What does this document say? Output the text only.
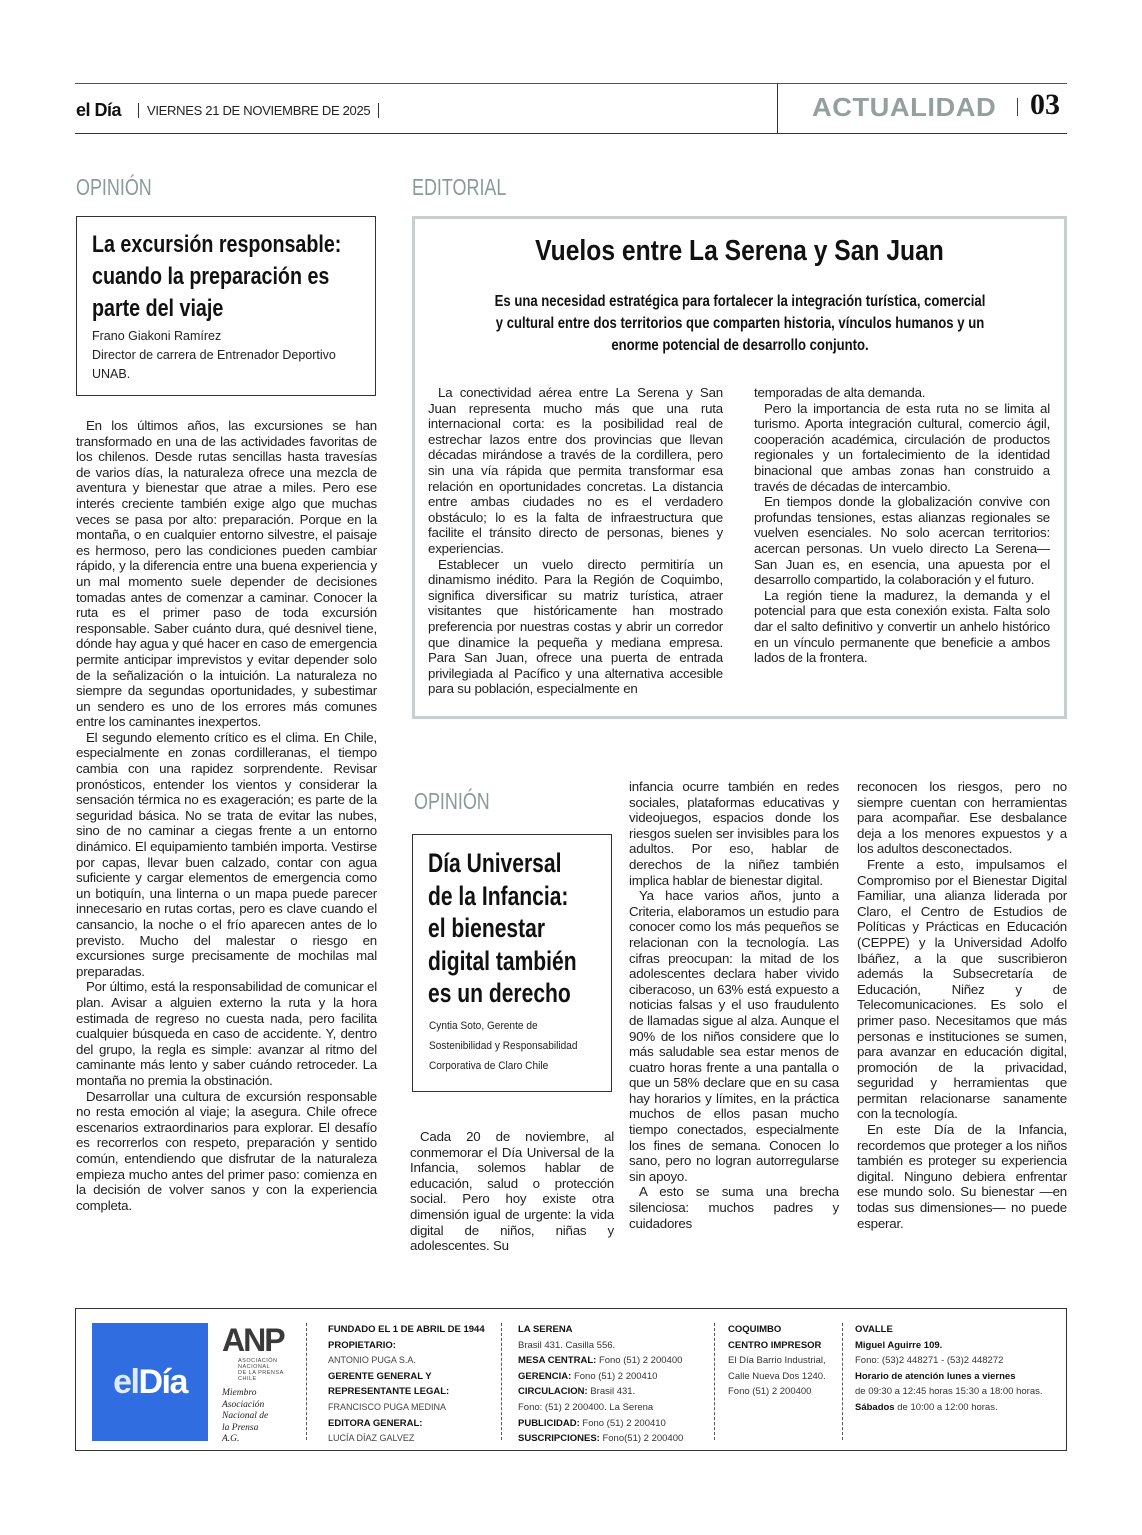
el Día VIERNES 21 DE NOVIEMBRE DE 2025	ACTUALIDAD 03
OPINIÓN
La excursión responsable:
cuando la preparación es
parte del viaje
Frano Giakoni Ramírez
Director de carrera de Entrenador Deportivo
UNAB.

En los últimos años, las excursiones se han transformado en una de las actividades favoritas de los chilenos. Desde rutas sencillas hasta travesías de varios días, la naturaleza ofrece una mezcla de aventura y bienestar que atrae a miles. Pero ese interés creciente también exige algo que muchas veces se pasa por alto: preparación. Porque en la montaña, o en cualquier entorno silvestre, el paisaje es hermoso, pero las condiciones pueden cambiar rápido, y la diferencia entre una buena experiencia y un mal momento suele depender de decisiones tomadas antes de comenzar a caminar. Conocer la ruta es el primer paso de toda excursión responsable. Saber cuánto dura, qué desnivel tiene, dónde hay agua y qué hacer en caso de emergencia permite anticipar imprevistos y evitar depender solo de la señalización o la intuición. La naturaleza no siempre da segundas oportunidades, y subestimar un sendero es uno de los errores más comunes entre los caminantes inexpertos.

El segundo elemento crítico es el clima. En Chile, especialmente en zonas cordilleranas, el tiempo cambia con una rapidez sorprendente. Revisar pronósticos, entender los vientos y considerar la sensación térmica no es exageración; es parte de la seguridad básica. No se trata de evitar las nubes, sino de no caminar a ciegas frente a un entorno dinámico. El equipamiento también importa. Vestirse por capas, llevar buen calzado, contar con agua suficiente y cargar elementos de emergencia como un botiquín, una linterna o un mapa puede parecer innecesario en rutas cortas, pero es clave cuando el cansancio, la noche o el frío aparecen antes de lo previsto. Mucho del malestar o riesgo en excursiones surge precisamente de mochilas mal preparadas.

Por último, está la responsabilidad de comunicar el plan. Avisar a alguien externo la ruta y la hora estimada de regreso no cuesta nada, pero facilita cualquier búsqueda en caso de accidente. Y, dentro del grupo, la regla es simple: avanzar al ritmo del caminante más lento y saber cuándo retroceder. La montaña no premia la obstinación.

Desarrollar una cultura de excursión responsable no resta emoción al viaje; la asegura. Chile ofrece escenarios extraordinarios para explorar. El desafío es recorrerlos con respeto, preparación y sentido común, entendiendo que disfrutar de la naturaleza empieza mucho antes del primer paso: comienza en la decisión de volver sanos y con la experiencia completa.

EDITORIAL
Vuelos entre La Serena y San Juan
Es una necesidad estratégica para fortalecer la integración turística, comercial
y cultural entre dos territorios que comparten historia, vínculos humanos y un
enorme potencial de desarrollo conjunto.

La conectividad aérea entre La Serena y San Juan representa mucho más que una ruta internacional corta: es la posibilidad real de estrechar lazos entre dos provincias que llevan décadas mirándose a través de la cordillera, pero sin una vía rápida que permita transformar esa relación en oportunidades concretas. La distancia entre ambas ciudades no es el verdadero obstáculo; lo es la falta de infraestructura que facilite el tránsito directo de personas, bienes y experiencias.

Establecer un vuelo directo permitiría un dinamismo inédito. Para la Región de Coquimbo, significa diversificar su matriz turística, atraer visitantes que históricamente han mostrado preferencia por nuestras costas y abrir un corredor que dinamice la pequeña y mediana empresa. Para San Juan, ofrece una puerta de entrada privilegiada al Pacífico y una alternativa accesible para su población, especialmente en

temporadas de alta demanda.

Pero la importancia de esta ruta no se limita al turismo. Aporta integración cultural, comercio ágil, cooperación académica, circulación de productos regionales y un fortalecimiento de la identidad binacional que ambas zonas han construido a través de décadas de intercambio.

En tiempos donde la globalización convive con profundas tensiones, estas alianzas regionales se vuelven esenciales. No solo acercan territorios: acercan personas. Un vuelo directo La Serena—San Juan es, en esencia, una apuesta por el desarrollo compartido, la colaboración y el futuro.

La región tiene la madurez, la demanda y el potencial para que esta conexión exista. Falta solo dar el salto definitivo y convertir un anhelo histórico en un vínculo permanente que beneficie a ambos lados de la frontera.

OPINIÓN
Día Universal
de la Infancia:
el bienestar
digital también
es un derecho
Cyntia Soto, Gerente de
Sostenibilidad y Responsabilidad
Corporativa de Claro Chile

Cada 20 de noviembre, al conmemorar el Día Universal de la Infancia, solemos hablar de educación, salud o protección social. Pero hoy existe otra dimensión igual de urgente: la vida digital de niños, niñas y adolescentes. Su

infancia ocurre también en redes sociales, plataformas educativas y videojuegos, espacios donde los riesgos suelen ser invisibles para los adultos. Por eso, hablar de derechos de la niñez también implica hablar de bienestar digital.

Ya hace varios años, junto a Criteria, elaboramos un estudio para conocer como los más pequeños se relacionan con la tecnología. Las cifras preocupan: la mitad de los adolescentes declara haber vivido ciberacoso, un 63% está expuesto a noticias falsas y el uso fraudulento de llamadas sigue al alza. Aunque el 90% de los niños considere que lo más saludable sea estar menos de cuatro horas frente a una pantalla o que un 58% declare que en su casa hay horarios y límites, en la práctica muchos de ellos pasan mucho tiempo conectados, especialmente los fines de semana. Conocen lo sano, pero no logran autorregularse sin apoyo.

A esto se suma una brecha silenciosa: muchos padres y cuidadores

reconocen los riesgos, pero no siempre cuentan con herramientas para acompañar. Ese desbalance deja a los menores expuestos y a los adultos desconectados.

Frente a esto, impulsamos el Compromiso por el Bienestar Digital Familiar, una alianza liderada por Claro, el Centro de Estudios de Políticas y Prácticas en Educación (CEPPE) y la Universidad Adolfo Ibáñez, a la que suscribieron además la Subsecretaría de Educación, Niñez y de Telecomunicaciones. Es solo el primer paso. Necesitamos que más personas e instituciones se sumen, para avanzar en educación digital, promoción de la privacidad, seguridad y herramientas que permitan relacionarse sanamente con la tecnología.

En este Día de la Infancia, recordemos que proteger a los niños también es proteger su experiencia digital. Ninguno debiera enfrentar ese mundo solo. Su bienestar —en todas sus dimensiones— no puede esperar.

el Día
ANP
ASOCIACIÓN
NACIONAL
DE LA PRENSA
CHILE
Miembro
Asociación
Nacional de
la Prensa
A.G.
FUNDADO EL 1 DE ABRIL DE 1944
PROPIETARIO:
ANTONIO PUGA S.A.
GERENTE GENERAL Y
REPRESENTANTE LEGAL:
FRANCISCO PUGA MEDINA
EDITORA GENERAL:
LUCÍA DÍAZ GALVEZ
LA SERENA
Brasil 431. Casilla 556.
MESA CENTRAL: Fono (51) 2 200400
GERENCIA: Fono (51) 2 200410
CIRCULACION: Brasil 431.
Fono: (51) 2 200400. La Serena
PUBLICIDAD: Fono (51) 2 200410
SUSCRIPCIONES: Fono(51) 2 200400
COQUIMBO
CENTRO IMPRESOR
El Día Barrio Industrial,
Calle Nueva Dos 1240.
Fono (51) 2 200400
OVALLE
Miguel Aguirre 109.
Fono: (53)2 448271 - (53)2 448272
Horario de atención lunes a viernes
de 09:30 a 12:45 horas 15:30 a 18:00 horas.
Sábados de 10:00 a 12:00 horas.
